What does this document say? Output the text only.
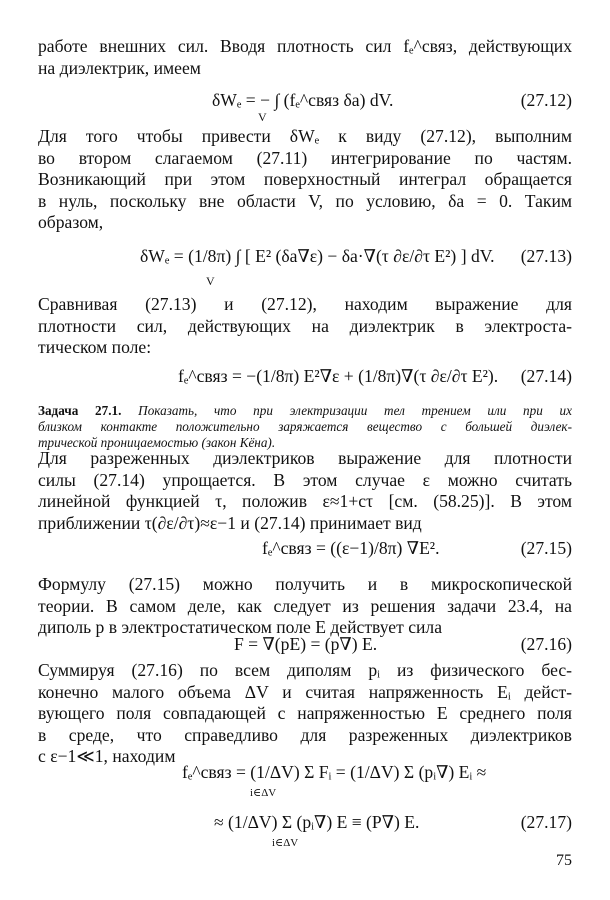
работе внешних сил. Вводя плотность сил fₑ^связ, действующих
на диэлектрик, имеем
δWₑ = − ∫ (fₑ^связ δa) dV.
V
(27.12)
Для того чтобы привести δWₑ к виду (27.12), выполним
во втором слагаемом (27.11) интегрирование по частям.
Возникающий при этом поверхностный интеграл обращается
в нуль, поскольку вне области V, по условию, δa = 0. Таким
образом,
δWₑ = (1/8π) ∫ [ E² (δa∇ε) − δa·∇(τ ∂ε/∂τ E²) ] dV.
V
(27.13)
Сравнивая (27.13) и (27.12), находим выражение для
плотности сил, действующих на диэлектрик в электроста-
тическом поле:
fₑ^связ = −(1/8π) E²∇ε + (1/8π)∇(τ ∂ε/∂τ E²). (27.14)
Задача 27.1. Показать, что при электризации тел трением или при их
близком контакте положительно заряжается вещество с большей диэлек-
трической проницаемостью (закон Кёна).
Для разреженных диэлектриков выражение для плотности
силы (27.14) упрощается. В этом случае ε можно считать
линейной функцией τ, положив ε≈1+cτ [см. (58.25)]. В этом
приближении τ(∂ε/∂τ)≈ε−1 и (27.14) принимает вид
fₑ^связ = ((ε−1)/8π) ∇E².	(27.15)
Формулу (27.15) можно получить и в микроскопической
теории. В самом деле, как следует из решения задачи 23.4, на
диполь p в электростатическом поле E действует сила
F = ∇(pE) = (p∇) E.	(27.16)
Суммируя (27.16) по всем диполям pᵢ из физического бес-
конечно малого объема ΔV и считая напряженность Eᵢ дейст-
вующего поля совпадающей с напряженностью E среднего поля
в среде, что справедливо для разреженных диэлектриков
с ε−1≪1, находим
fₑ^связ = (1/ΔV) Σ Fᵢ = (1/ΔV) Σ (pᵢ∇) Eᵢ ≈
i∈ΔV
≈ (1/ΔV) Σ (pᵢ∇) E ≡ (P∇) E.
i∈ΔV
(27.17)
75
